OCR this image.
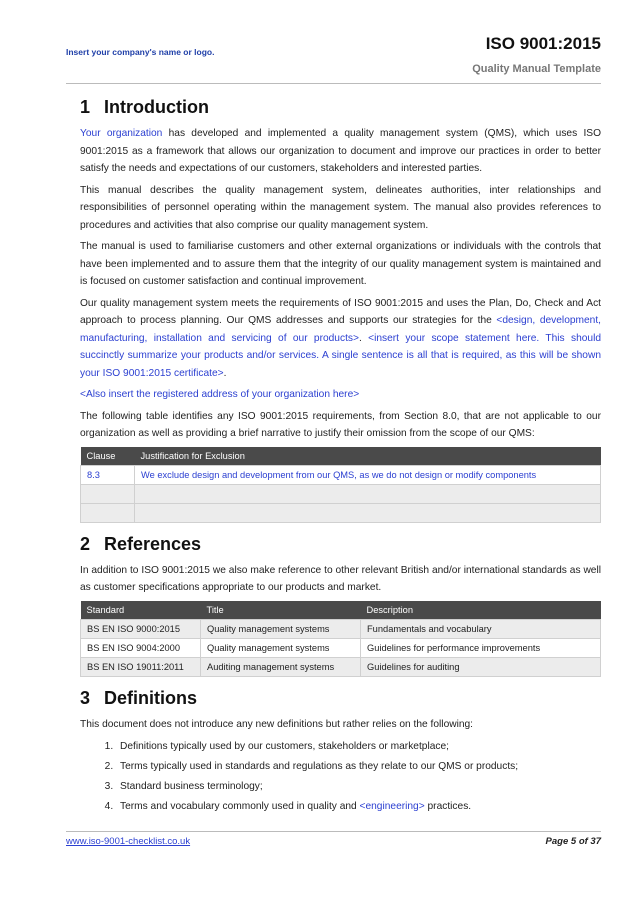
Insert your company's name or logo.	ISO 9001:2015
Quality Manual Template
1 Introduction

Your organization has developed and implemented a quality management system (QMS), which uses ISO 9001:2015 as a framework that allows our organization to document and improve our practices in order to better satisfy the needs and expectations of our customers, stakeholders and interested parties.

This manual describes the quality management system, delineates authorities, inter relationships and responsibilities of personnel operating within the management system. The manual also provides references to procedures and activities that also comprise our quality management system.

The manual is used to familiarise customers and other external organizations or individuals with the controls that have been implemented and to assure them that the integrity of our quality management system is maintained and is focused on customer satisfaction and continual improvement.

Our quality management system meets the requirements of ISO 9001:2015 and uses the Plan, Do, Check and Act approach to process planning. Our QMS addresses and supports our strategies for the <design, development, manufacturing, installation and servicing of our products>. <insert your scope statement here. This should succinctly summarize your products and/or services. A single sentence is all that is required, as this will be shown your ISO 9001:2015 certificate>.

<Also insert the registered address of your organization here>

The following table identifies any ISO 9001:2015 requirements, from Section 8.0, that are not applicable to our organization as well as providing a brief narrative to justify their omission from the scope of our QMS:

Clause	Justification for Exclusion
8.3	We exclude design and development from our QMS, as we do not design or modify components

2 References

In addition to ISO 9001:2015 we also make reference to other relevant British and/or international standards as well as customer specifications appropriate to our products and market.

Standard	Title	Description
BS EN ISO 9000:2015	Quality management systems	Fundamentals and vocabulary
BS EN ISO 9004:2000	Quality management systems	Guidelines for performance improvements
BS EN ISO 19011:2011	Auditing management systems	Guidelines for auditing
3 Definitions

This document does not introduce any new definitions but rather relies on the following:

1. Definitions typically used by our customers, stakeholders or marketplace;
2. Terms typically used in standards and regulations as they relate to our QMS or products;
3. Standard business terminology;
4. Terms and vocabulary commonly used in quality and <engineering> practices.
www.iso-9001-checklist.co.uk	Page 5 of 37
